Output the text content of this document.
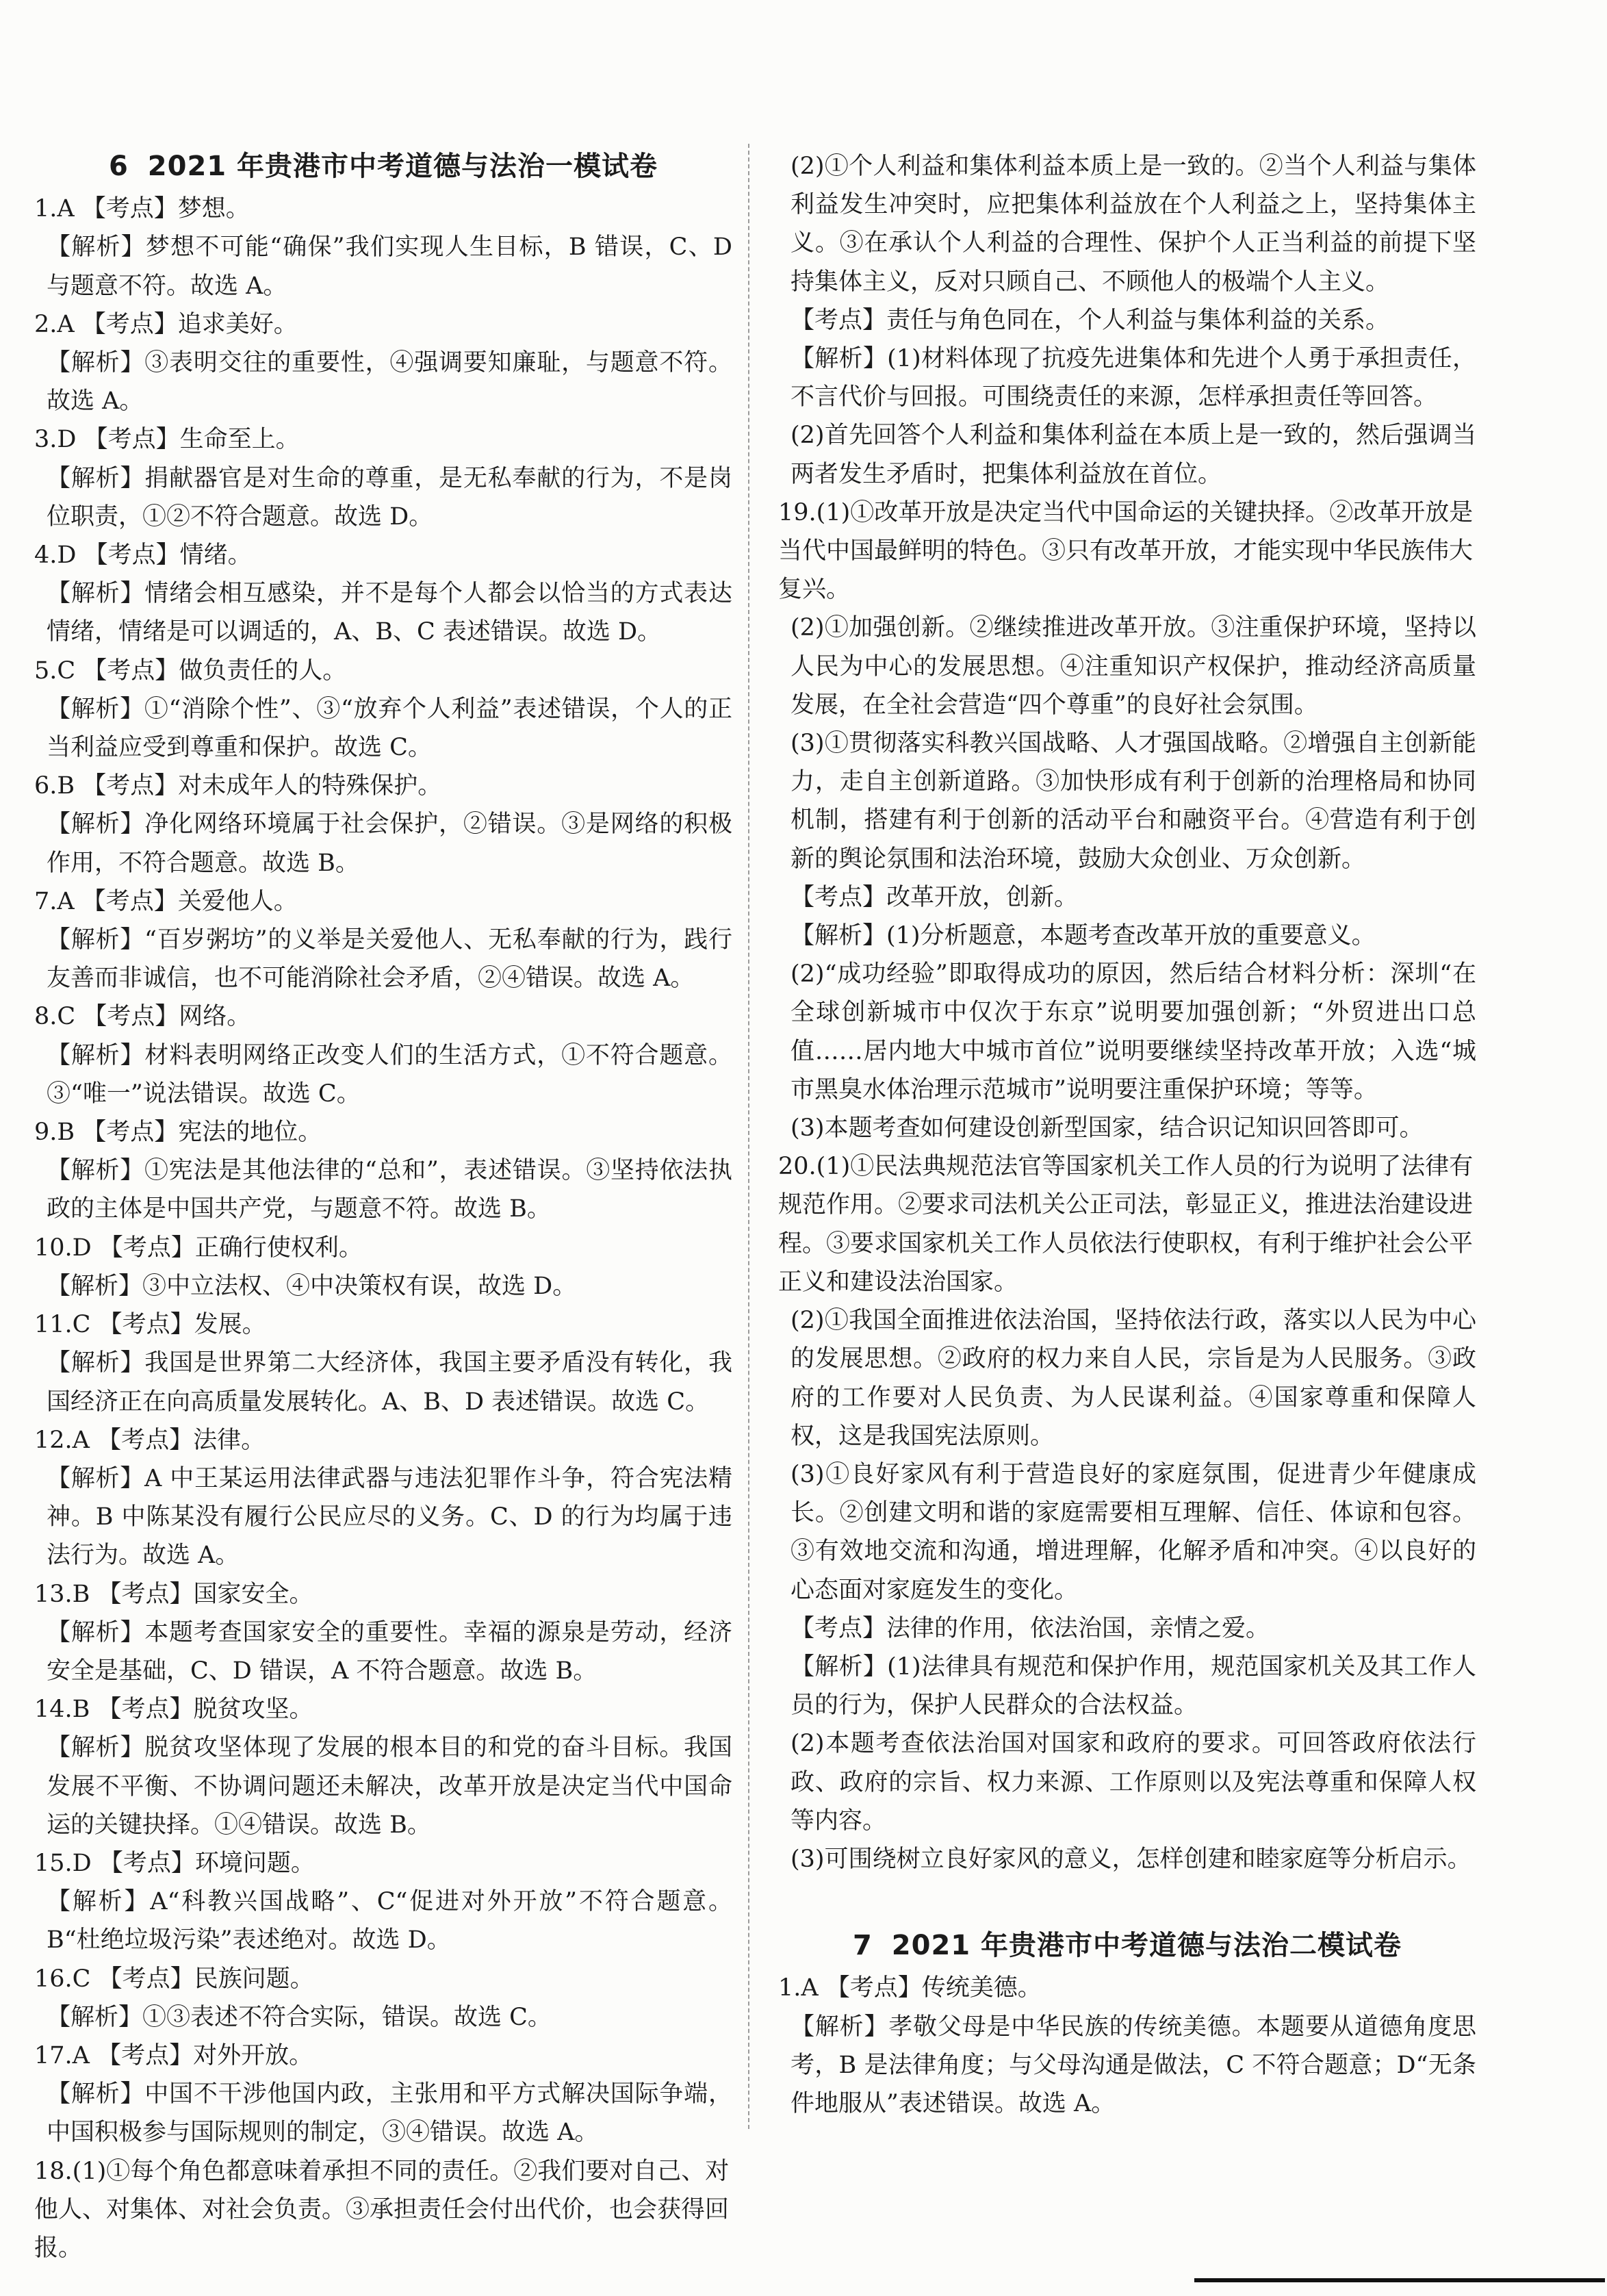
6 2021 年贵港市中考道德与法治一模试卷

1.A 【考点】梦想。

【解析】梦想不可能“确保”我们实现人生目标，B 错误，C、D 与题意不符。故选 A。

2.A 【考点】追求美好。

【解析】③表明交往的重要性，④强调要知廉耻，与题意不符。故选 A。

3.D 【考点】生命至上。

【解析】捐献器官是对生命的尊重，是无私奉献的行为，不是岗位职责，①②不符合题意。故选 D。

4.D 【考点】情绪。

【解析】情绪会相互感染，并不是每个人都会以恰当的方式表达情绪，情绪是可以调适的，A、B、C 表述错误。故选 D。

5.C 【考点】做负责任的人。

【解析】①“消除个性”、③“放弃个人利益”表述错误，个人的正当利益应受到尊重和保护。故选 C。

6.B 【考点】对未成年人的特殊保护。

【解析】净化网络环境属于社会保护，②错误。③是网络的积极作用，不符合题意。故选 B。

7.A 【考点】关爱他人。

【解析】“百岁粥坊”的义举是关爱他人、无私奉献的行为，践行友善而非诚信，也不可能消除社会矛盾，②④错误。故选 A。

8.C 【考点】网络。

【解析】材料表明网络正改变人们的生活方式，①不符合题意。③“唯一”说法错误。故选 C。

9.B 【考点】宪法的地位。

【解析】①宪法是其他法律的“总和”，表述错误。③坚持依法执政的主体是中国共产党，与题意不符。故选 B。

10.D 【考点】正确行使权利。

【解析】③中立法权、④中决策权有误，故选 D。

11.C 【考点】发展。

【解析】我国是世界第二大经济体，我国主要矛盾没有转化，我国经济正在向高质量发展转化。A、B、D 表述错误。故选 C。

12.A 【考点】法律。

【解析】A 中王某运用法律武器与违法犯罪作斗争，符合宪法精神。B 中陈某没有履行公民应尽的义务。C、D 的行为均属于违法行为。故选 A。

13.B 【考点】国家安全。

【解析】本题考查国家安全的重要性。幸福的源泉是劳动，经济安全是基础，C、D 错误，A 不符合题意。故选 B。

14.B 【考点】脱贫攻坚。

【解析】脱贫攻坚体现了发展的根本目的和党的奋斗目标。我国发展不平衡、不协调问题还未解决，改革开放是决定当代中国命运的关键抉择。①④错误。故选 B。

15.D 【考点】环境问题。

【解析】A“科教兴国战略”、C“促进对外开放”不符合题意。B“杜绝垃圾污染”表述绝对。故选 D。

16.C 【考点】民族问题。

【解析】①③表述不符合实际，错误。故选 C。

17.A 【考点】对外开放。

【解析】中国不干涉他国内政，主张用和平方式解决国际争端，中国积极参与国际规则的制定，③④错误。故选 A。

18.(1)①每个角色都意味着承担不同的责任。②我们要对自己、对他人、对集体、对社会负责。③承担责任会付出代价，也会获得回报。

(2)①个人利益和集体利益本质上是一致的。②当个人利益与集体利益发生冲突时，应把集体利益放在个人利益之上，坚持集体主义。③在承认个人利益的合理性、保护个人正当利益的前提下坚持集体主义，反对只顾自己、不顾他人的极端个人主义。

【考点】责任与角色同在，个人利益与集体利益的关系。

【解析】(1)材料体现了抗疫先进集体和先进个人勇于承担责任，不言代价与回报。可围绕责任的来源，怎样承担责任等回答。

(2)首先回答个人利益和集体利益在本质上是一致的，然后强调当两者发生矛盾时，把集体利益放在首位。

19.(1)①改革开放是决定当代中国命运的关键抉择。②改革开放是当代中国最鲜明的特色。③只有改革开放，才能实现中华民族伟大复兴。

(2)①加强创新。②继续推进改革开放。③注重保护环境，坚持以人民为中心的发展思想。④注重知识产权保护，推动经济高质量发展，在全社会营造“四个尊重”的良好社会氛围。

(3)①贯彻落实科教兴国战略、人才强国战略。②增强自主创新能力，走自主创新道路。③加快形成有利于创新的治理格局和协同机制，搭建有利于创新的活动平台和融资平台。④营造有利于创新的舆论氛围和法治环境，鼓励大众创业、万众创新。

【考点】改革开放，创新。

【解析】(1)分析题意，本题考查改革开放的重要意义。

(2)“成功经验”即取得成功的原因，然后结合材料分析：深圳“在全球创新城市中仅次于东京”说明要加强创新；“外贸进出口总值……居内地大中城市首位”说明要继续坚持改革开放；入选“城市黑臭水体治理示范城市”说明要注重保护环境；等等。

(3)本题考查如何建设创新型国家，结合识记知识回答即可。

20.(1)①民法典规范法官等国家机关工作人员的行为说明了法律有规范作用。②要求司法机关公正司法，彰显正义，推进法治建设进程。③要求国家机关工作人员依法行使职权，有利于维护社会公平正义和建设法治国家。

(2)①我国全面推进依法治国，坚持依法行政，落实以人民为中心的发展思想。②政府的权力来自人民，宗旨是为人民服务。③政府的工作要对人民负责、为人民谋利益。④国家尊重和保障人权，这是我国宪法原则。

(3)①良好家风有利于营造良好的家庭氛围，促进青少年健康成长。②创建文明和谐的家庭需要相互理解、信任、体谅和包容。③有效地交流和沟通，增进理解，化解矛盾和冲突。④以良好的心态面对家庭发生的变化。

【考点】法律的作用，依法治国，亲情之爱。

【解析】(1)法律具有规范和保护作用，规范国家机关及其工作人员的行为，保护人民群众的合法权益。

(2)本题考查依法治国对国家和政府的要求。可回答政府依法行政、政府的宗旨、权力来源、工作原则以及宪法尊重和保障人权等内容。

(3)可围绕树立良好家风的意义，怎样创建和睦家庭等分析启示。

7 2021 年贵港市中考道德与法治二模试卷

1.A 【考点】传统美德。

【解析】孝敬父母是中华民族的传统美德。本题要从道德角度思考，B 是法律角度；与父母沟通是做法，C 不符合题意；D“无条件地服从”表述错误。故选 A。
